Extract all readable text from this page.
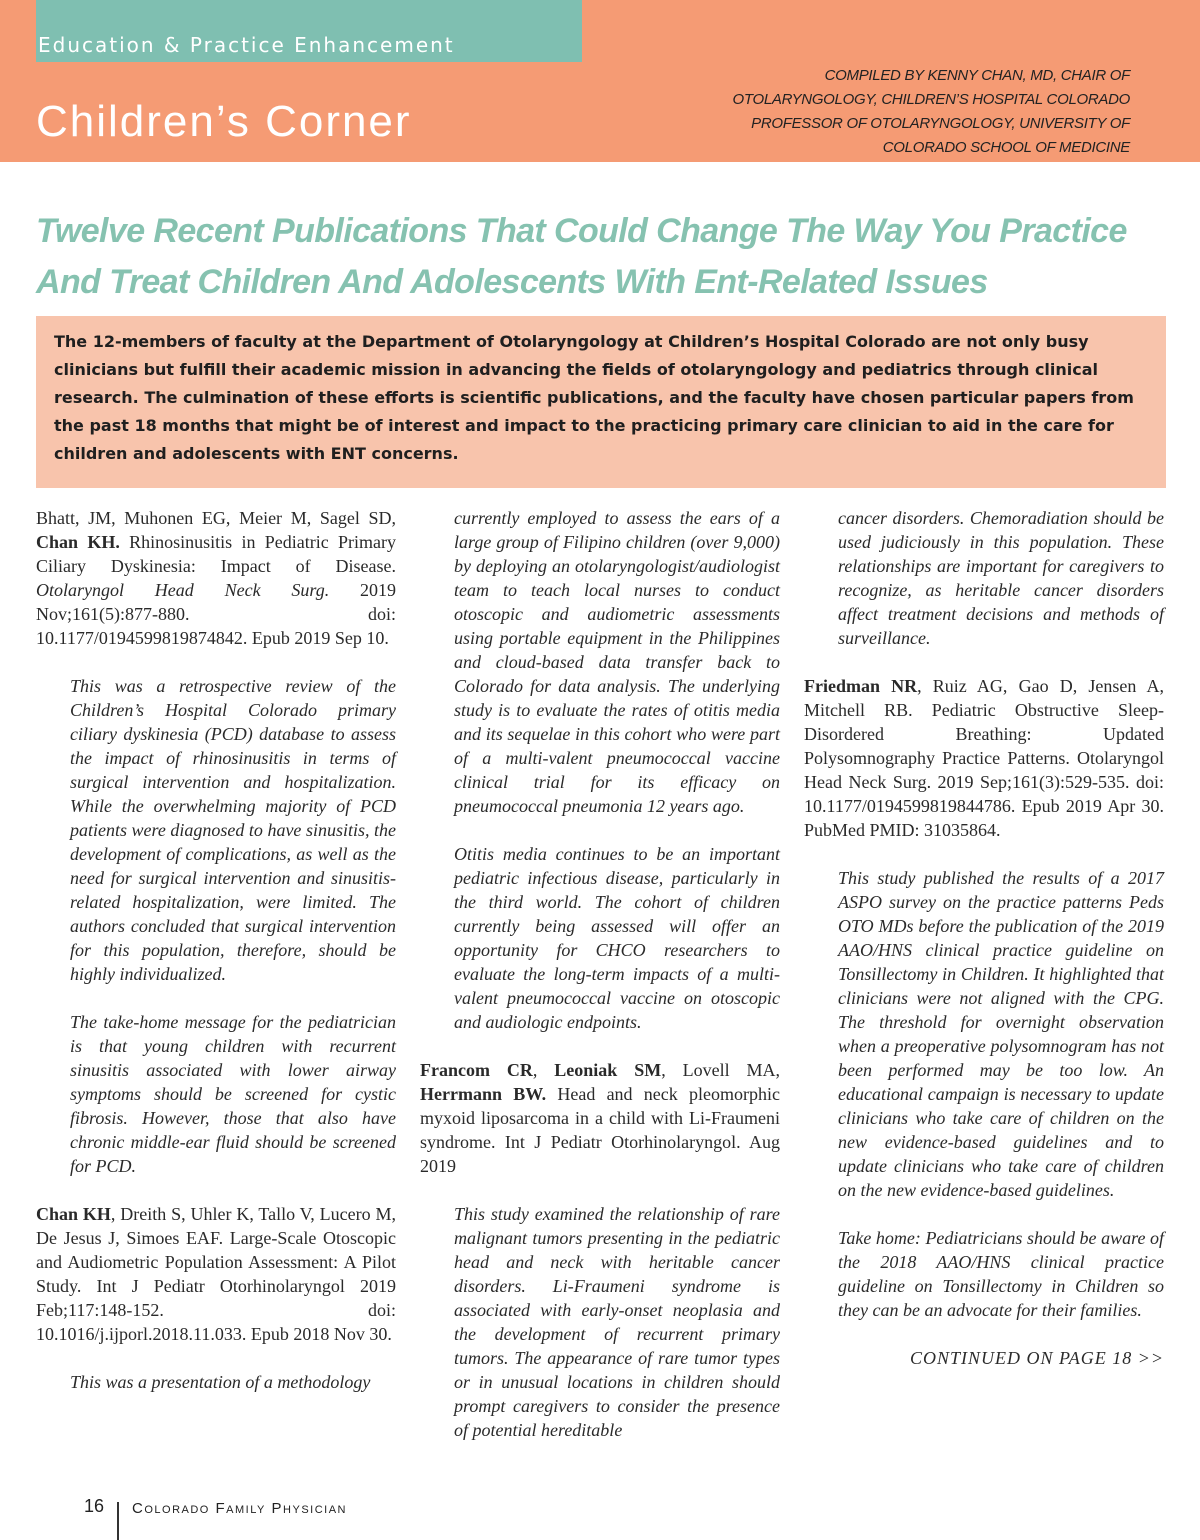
Education & Practice Enhancement
Children’s Corner
COMPILED BY KENNY CHAN, MD, CHAIR OF OTOLARYNGOLOGY, CHILDREN’S HOSPITAL COLORADO PROFESSOR OF OTOLARYNGOLOGY, UNIVERSITY OF COLORADO SCHOOL OF MEDICINE
Twelve Recent Publications That Could Change The Way You Practice And Treat Children And Adolescents With Ent-Related Issues

The 12-members of faculty at the Department of Otolaryngology at Children’s Hospital Colorado are not only busy clinicians but fulfill their academic mission in advancing the fields of otolaryngology and pediatrics through clinical research. The culmination of these efforts is scientific publications, and the faculty have chosen particular papers from the past 18 months that might be of interest and impact to the practicing primary care clinician to aid in the care for children and adolescents with ENT concerns.

Bhatt, JM, Muhonen EG, Meier M, Sagel SD, Chan KH. Rhinosinusitis in Pediatric Primary Ciliary Dyskinesia: Impact of Disease. Otolaryngol Head Neck Surg. 2019 Nov;161(5):877-880. doi: 10.1177/0194599819874842. Epub 2019 Sep 10.

This was a retrospective review of the Children’s Hospital Colorado primary ciliary dyskinesia (PCD) database to assess the impact of rhinosinusitis in terms of surgical intervention and hospitalization. While the overwhelming majority of PCD patients were diagnosed to have sinusitis, the development of complications, as well as the need for surgical intervention and sinusitis-related hospitalization, were limited. The authors concluded that surgical intervention for this population, therefore, should be highly individualized.

The take-home message for the pediatrician is that young children with recurrent sinusitis associated with lower airway symptoms should be screened for cystic fibrosis. However, those that also have chronic middle-ear fluid should be screened for PCD.

Chan KH, Dreith S, Uhler K, Tallo V, Lucero M, De Jesus J, Simoes EAF. Large-Scale Otoscopic and Audiometric Population Assessment: A Pilot Study. Int J Pediatr Otorhinolaryngol 2019 Feb;117:148-152. doi: 10.1016/j.ijporl.2018.11.033. Epub 2018 Nov 30.

This was a presentation of a methodology

currently employed to assess the ears of a large group of Filipino children (over 9,000) by deploying an otolaryngologist/audiologist team to teach local nurses to conduct otoscopic and audiometric assessments using portable equipment in the Philippines and cloud-based data transfer back to Colorado for data analysis. The underlying study is to evaluate the rates of otitis media and its sequelae in this cohort who were part of a multi-valent pneumococcal vaccine clinical trial for its efficacy on pneumococcal pneumonia 12 years ago.

Otitis media continues to be an important pediatric infectious disease, particularly in the third world. The cohort of children currently being assessed will offer an opportunity for CHCO researchers to evaluate the long-term impacts of a multi-valent pneumococcal vaccine on otoscopic and audiologic endpoints.

Francom CR, Leoniak SM, Lovell MA, Herrmann BW. Head and neck pleomorphic myxoid liposarcoma in a child with Li-Fraumeni syndrome. Int J Pediatr Otorhinolaryngol. Aug 2019

This study examined the relationship of rare malignant tumors presenting in the pediatric head and neck with heritable cancer disorders. Li-Fraumeni syndrome is associated with early-onset neoplasia and the development of recurrent primary tumors. The appearance of rare tumor types or in unusual locations in children should prompt caregivers to consider the presence of potential hereditable

cancer disorders. Chemoradiation should be used judiciously in this population. These relationships are important for caregivers to recognize, as heritable cancer disorders affect treatment decisions and methods of surveillance.

Friedman NR, Ruiz AG, Gao D, Jensen A, Mitchell RB. Pediatric Obstructive Sleep-Disordered Breathing: Updated Polysomnography Practice Patterns. Otolaryngol Head Neck Surg. 2019 Sep;161(3):529-535. doi: 10.1177/0194599819844786. Epub 2019 Apr 30. PubMed PMID: 31035864.

This study published the results of a 2017 ASPO survey on the practice patterns Peds OTO MDs before the publication of the 2019 AAO/HNS clinical practice guideline on Tonsillectomy in Children. It highlighted that clinicians were not aligned with the CPG. The threshold for overnight observation when a preoperative polysomnogram has not been performed may be too low. An educational campaign is necessary to update clinicians who take care of children on the new evidence-based guidelines and to update clinicians who take care of children on the new evidence-based guidelines.

Take home: Pediatricians should be aware of the 2018 AAO/HNS clinical practice guideline on Tonsillectomy in Children so they can be an advocate for their families.

CONTINUED ON PAGE 18 >>
16 Colorado Family Physician
